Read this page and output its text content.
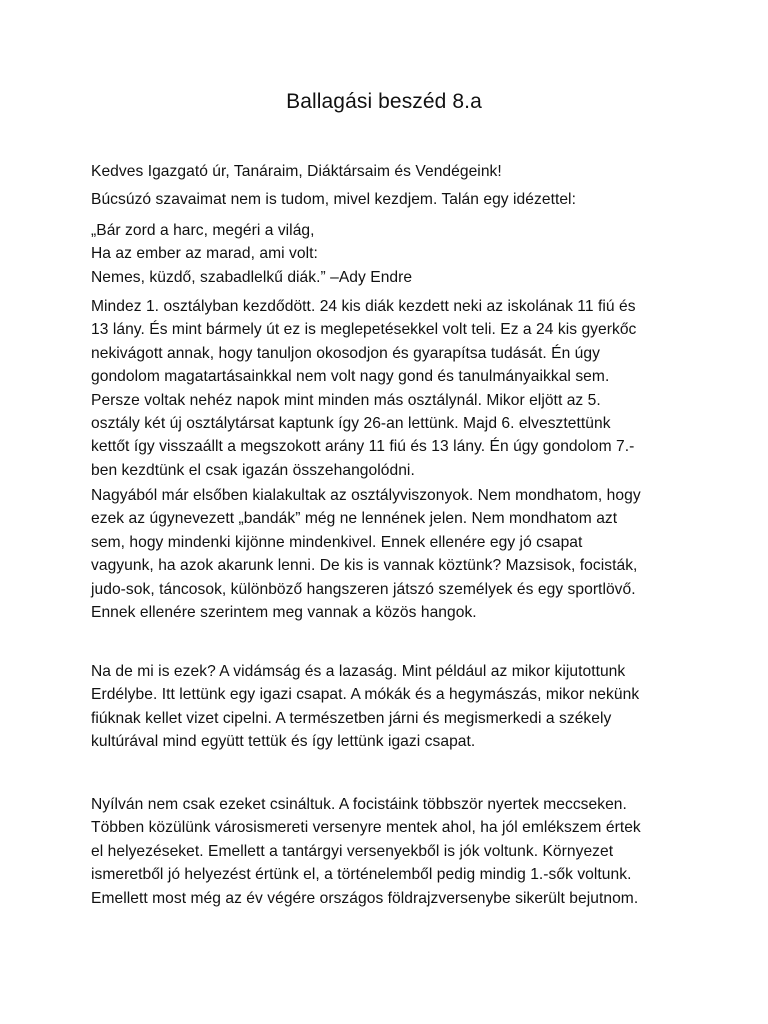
Ballagási beszéd 8.a
Kedves Igazgató úr, Tanáraim, Diáktársaim és Vendégeink!
Búcsúzó szavaimat nem is tudom, mivel kezdjem. Talán egy idézettel:
„Bár zord a harc, megéri a világ,
Ha az ember az marad, ami volt:
Nemes, küzdő, szabadlelkű diák.” –Ady Endre
Mindez 1. osztályban kezdődött. 24 kis diák kezdett neki az iskolának 11 fiú és
13 lány. És mint bármely út ez is meglepetésekkel volt teli. Ez a 24 kis gyerkőc
nekivágott annak, hogy tanuljon okosodjon és gyarapítsa tudását. Én úgy
gondolom magatartásainkkal nem volt nagy gond és tanulmányaikkal sem.
Persze voltak nehéz napok mint minden más osztálynál. Mikor eljött az 5.
osztály két új osztálytársat kaptunk így 26-an lettünk. Majd 6. elvesztettünk
kettőt így visszaállt a megszokott arány 11 fiú és 13 lány. Én úgy gondolom 7.-
ben kezdtünk el csak igazán összehangolódni.
Nagyából már elsőben kialakultak az osztályviszonyok. Nem mondhatom, hogy
ezek az úgynevezett „bandák” még ne lennének jelen. Nem mondhatom azt
sem, hogy mindenki kijönne mindenkivel. Ennek ellenére egy jó csapat
vagyunk, ha azok akarunk lenni. De kis is vannak köztünk? Mazsisok, focisták,
judo-sok, táncosok, különböző hangszeren játszó személyek és egy sportlövő.
Ennek ellenére szerintem meg vannak a közös hangok.
Na de mi is ezek? A vidámság és a lazaság. Mint például az mikor kijutottunk
Erdélybe. Itt lettünk egy igazi csapat. A mókák és a hegymászás, mikor nekünk
fiúknak kellet vizet cipelni. A természetben járni és megismerkedi a székely
kultúrával mind együtt tettük és így lettünk igazi csapat.
Nyílván nem csak ezeket csináltuk. A focistáink többször nyertek meccseken.
Többen közülünk városismereti versenyre mentek ahol, ha jól emlékszem értek
el helyezéseket. Emellett a tantárgyi versenyekből is jók voltunk. Környezet
ismeretből jó helyezést értünk el, a történelemből pedig mindig 1.-sők voltunk.
Emellett most még az év végére országos földrajzversenybe sikerült bejutnom.
